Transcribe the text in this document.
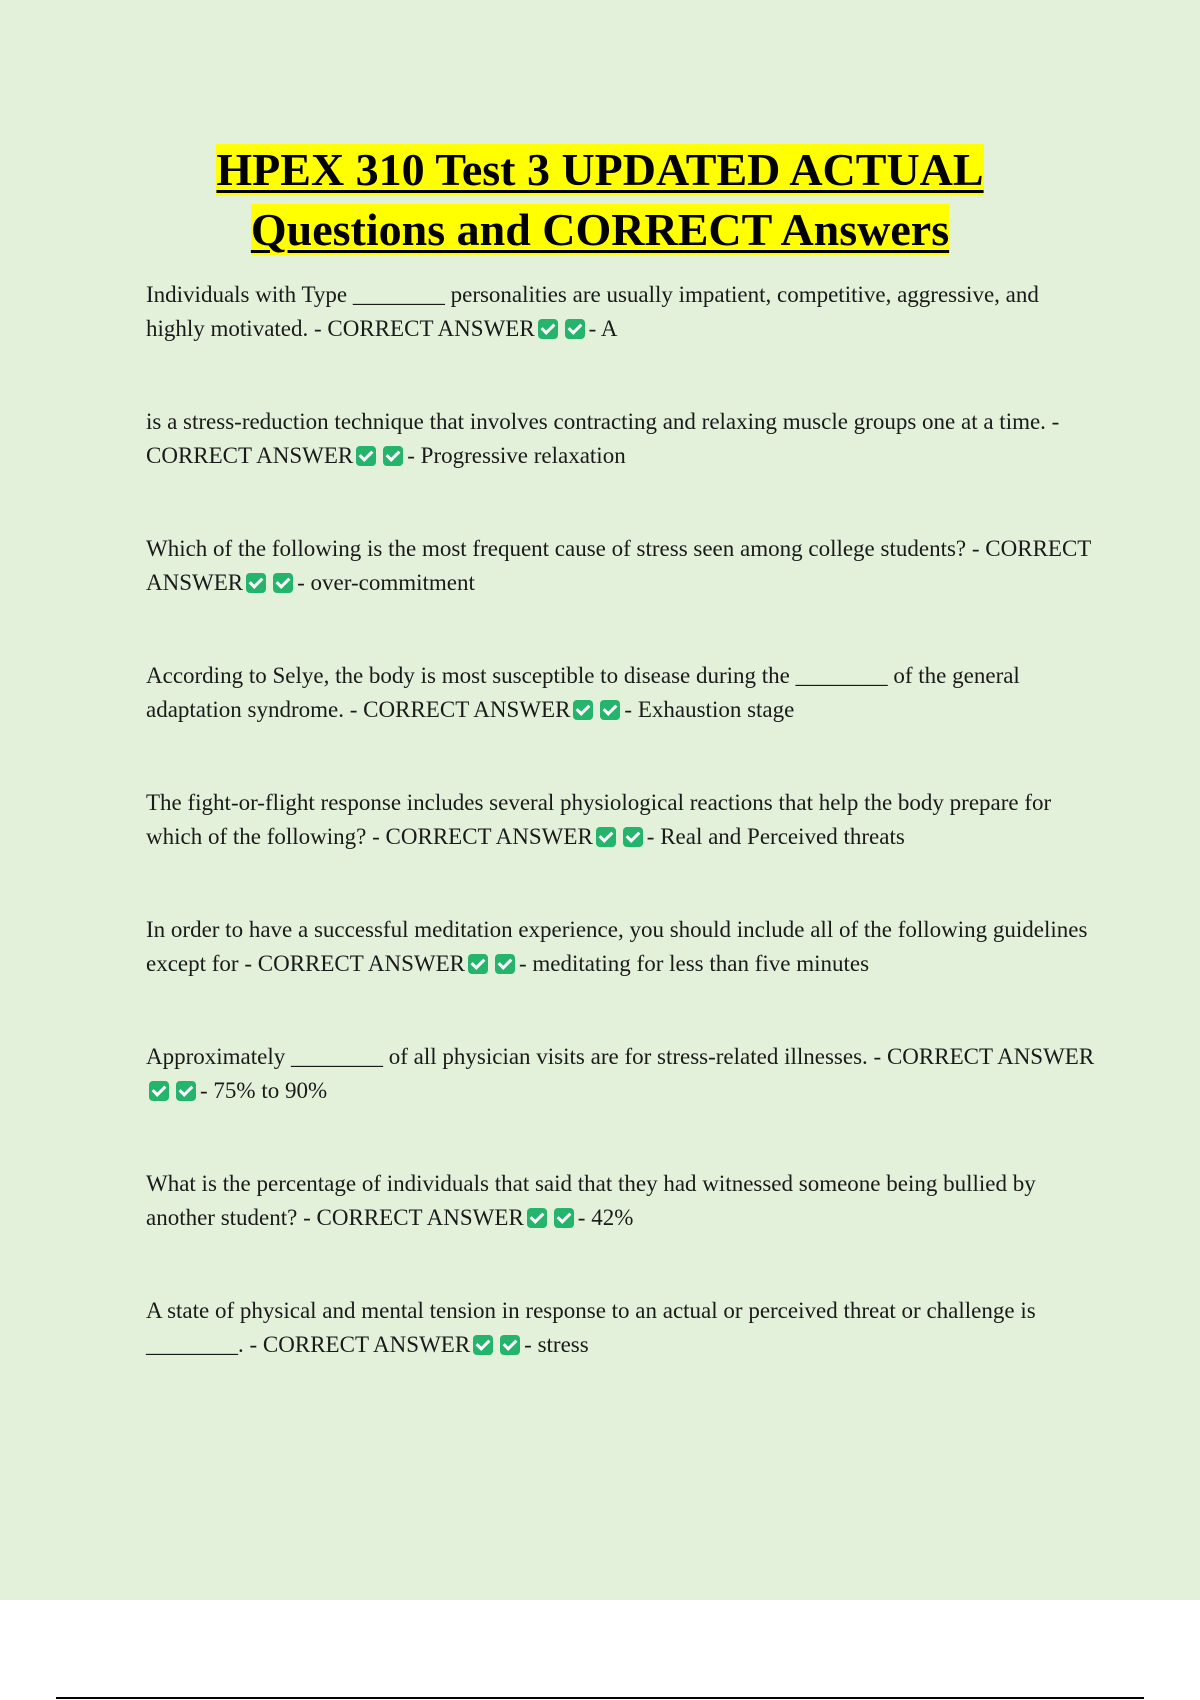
HPEX 310 Test 3 UPDATED ACTUAL
Questions and CORRECT Answers
Individuals with Type ________ personalities are usually impatient, competitive, aggressive, and highly motivated. - CORRECT ANSWER - A
is a stress-reduction technique that involves contracting and relaxing muscle groups one at a time. - CORRECT ANSWER - Progressive relaxation
Which of the following is the most frequent cause of stress seen among college students? - CORRECT ANSWER - over-commitment
According to Selye, the body is most susceptible to disease during the ________ of the general adaptation syndrome. - CORRECT ANSWER - Exhaustion stage
The fight-or-flight response includes several physiological reactions that help the body prepare for which of the following? - CORRECT ANSWER - Real and Perceived threats
In order to have a successful meditation experience, you should include all of the following guidelines except for - CORRECT ANSWER - meditating for less than five minutes
Approximately ________ of all physician visits are for stress-related illnesses. - CORRECT ANSWER- 75% to 90%
What is the percentage of individuals that said that they had witnessed someone being bullied by another student? - CORRECT ANSWER - 42%
A state of physical and mental tension in response to an actual or perceived threat or challenge is ________. - CORRECT ANSWER - stress
